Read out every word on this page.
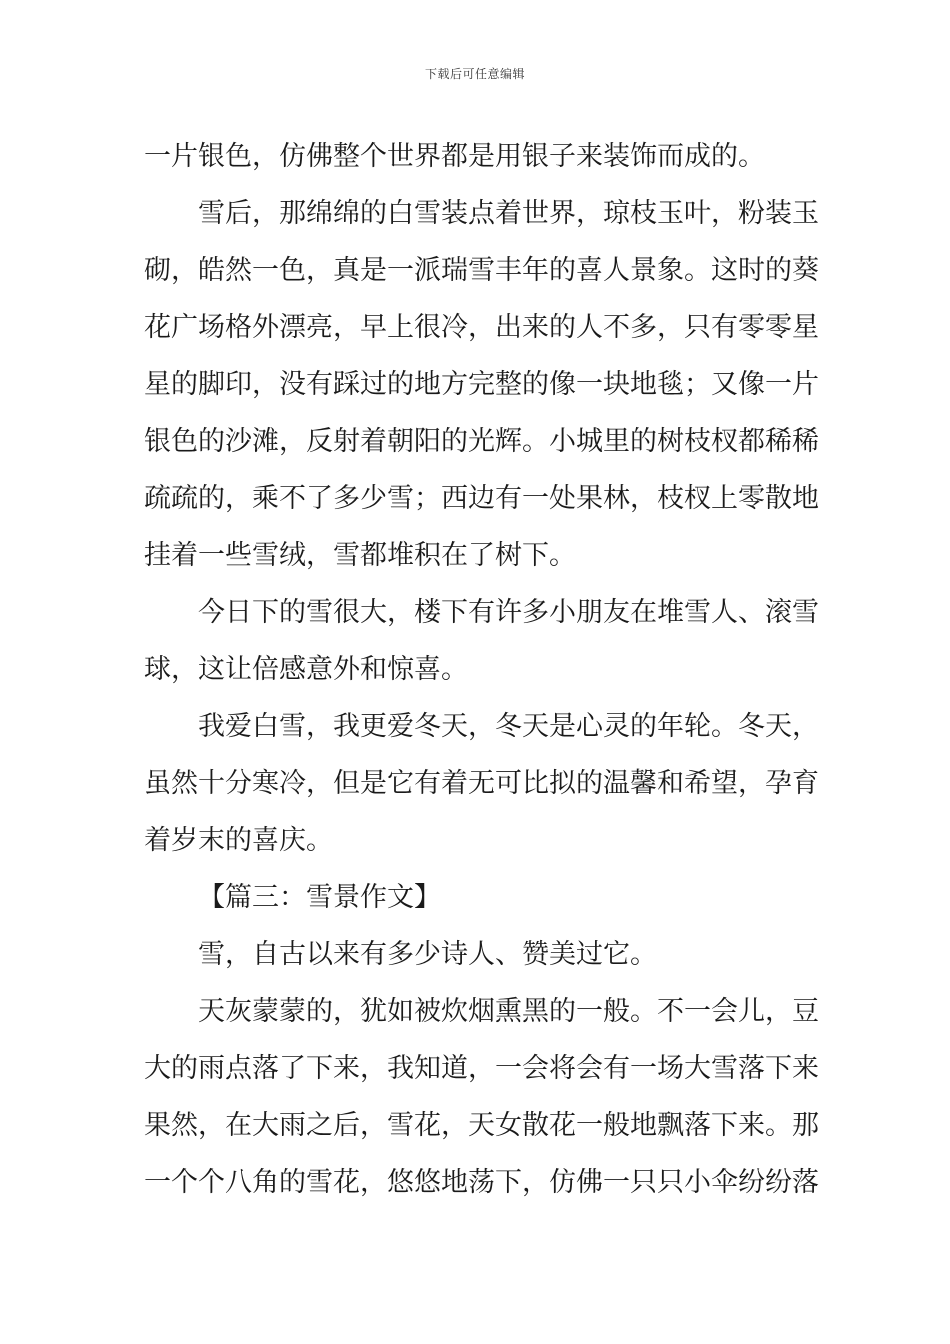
下载后可任意编辑
一片银色，仿佛整个世界都是用银子来装饰而成的。
雪后，那绵绵的白雪装点着世界，琼枝玉叶，粉装玉
砌，皓然一色，真是一派瑞雪丰年的喜人景象。这时的葵
花广场格外漂亮，早上很冷，出来的人不多，只有零零星
星的脚印，没有踩过的地方完整的像一块地毯；又像一片
银色的沙滩，反射着朝阳的光辉。小城里的树枝杈都稀稀
疏疏的，乘不了多少雪；西边有一处果林，枝杈上零散地
挂着一些雪绒，雪都堆积在了树下。
今日下的雪很大，楼下有许多小朋友在堆雪人、滚雪
球，这让倍感意外和惊喜。
我爱白雪，我更爱冬天，冬天是心灵的年轮。冬天，
虽然十分寒冷，但是它有着无可比拟的温馨和希望，孕育
着岁末的喜庆。
【篇三：雪景作文】
雪，自古以来有多少诗人、赞美过它。
天灰蒙蒙的，犹如被炊烟熏黑的一般。不一会儿，豆
大的雨点落了下来，我知道，一会将会有一场大雪落下来
果然，在大雨之后，雪花，天女散花一般地飘落下来。那
一个个八角的雪花，悠悠地荡下，仿佛一只只小伞纷纷落
